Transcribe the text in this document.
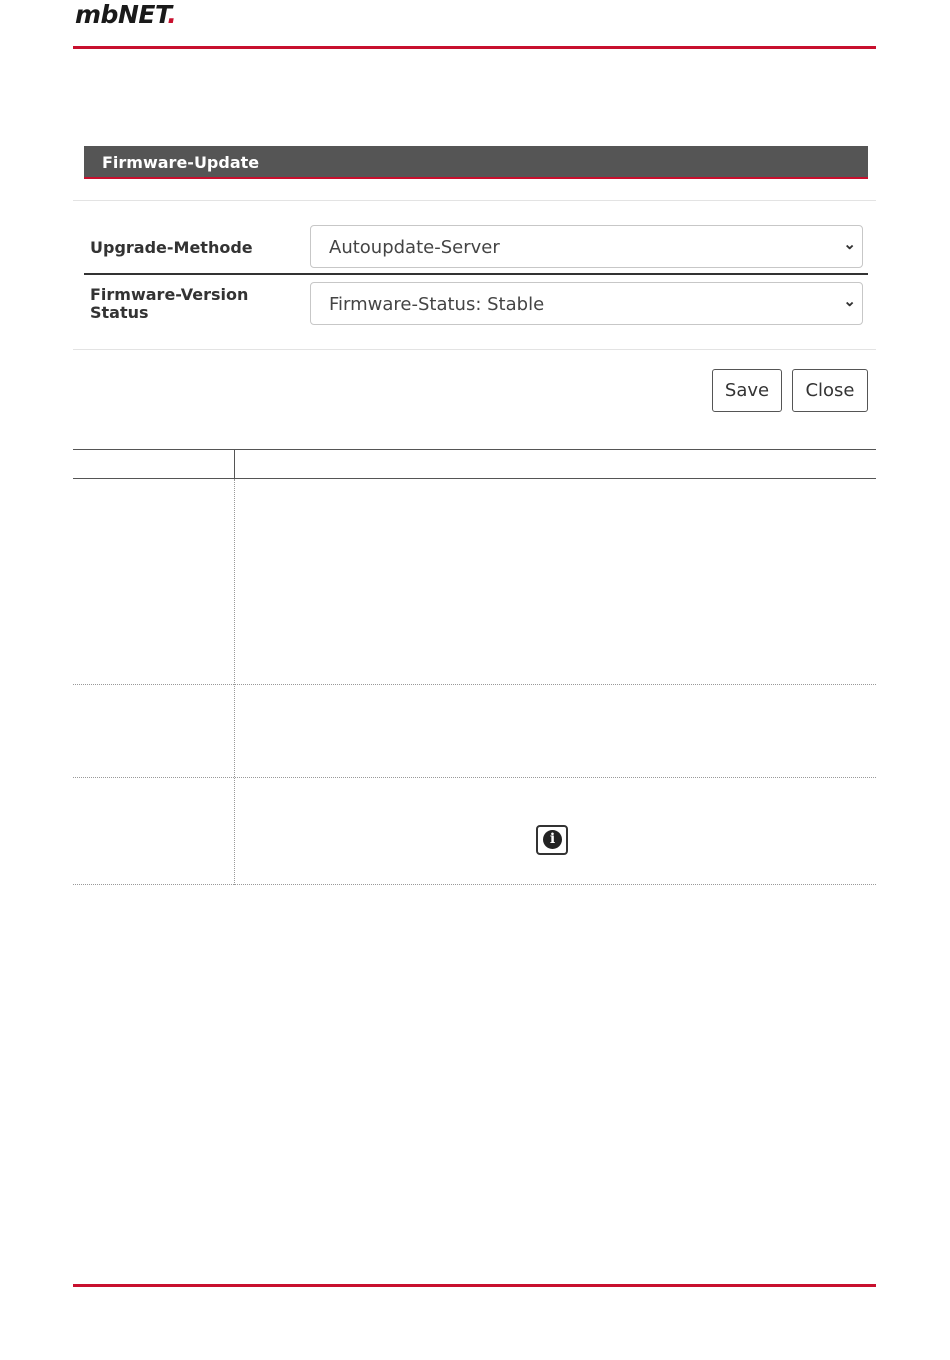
mbNET.
Firmware-Update
Upgrade-Methode	Autoupdate-Server	⌄
Firmware-Version
Status	Firmware-Status: Stable	⌄
Save	Close
i
